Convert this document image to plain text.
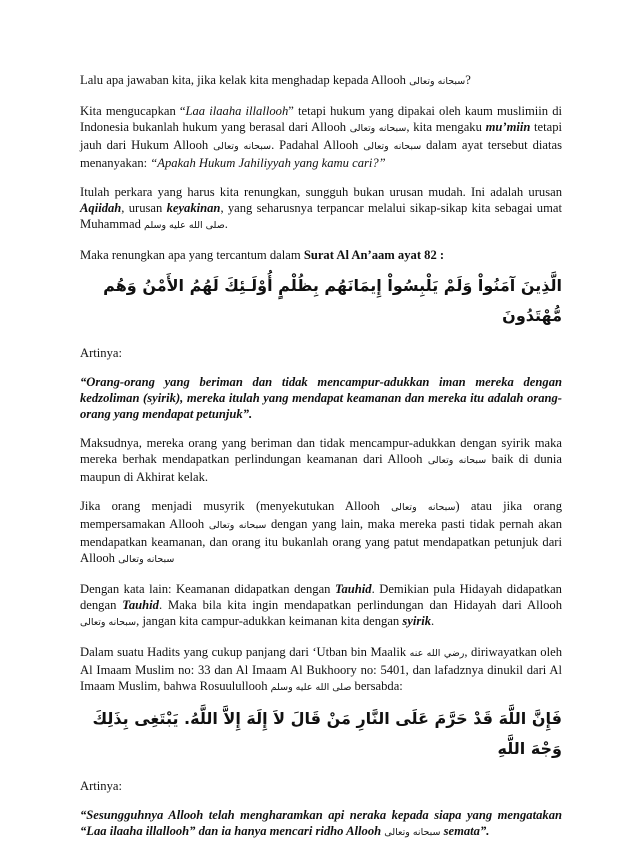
Lalu apa jawaban kita, jika kelak kita menghadap kepada Allooh سبحانه وتعالى?

Kita mengucapkan “Laa ilaaha illallooh” tetapi hukum yang dipakai oleh kaum muslimiin di Indonesia bukanlah hukum yang berasal dari Allooh سبحانه وتعالى, kita mengaku mu’miin tetapi jauh dari Hukum Allooh سبحانه وتعالى. Padahal Allooh سبحانه وتعالى dalam ayat tersebut diatas menanyakan: “Apakah Hukum Jahiliyyah yang kamu cari?”

Itulah perkara yang harus kita renungkan, sungguh bukan urusan mudah. Ini adalah urusan Aqiidah, urusan keyakinan, yang seharusnya terpancar melalui sikap-sikap kita sebagai umat Muhammad صلى الله عليه وسلم.

Maka renungkan apa yang tercantum dalam Surat Al An’aam ayat 82 :

الَّذِينَ آمَنُواْ وَلَمْ يَلْبِسُواْ إِيمَانَهُم بِظُلْمٍ أُوْلَـئِكَ لَهُمُ الأَمْنُ وَهُم مُّهْتَدُونَ

Artinya:

“Orang-orang yang beriman dan tidak mencampur-adukkan iman mereka dengan kedzoliman (syirik), mereka itulah yang mendapat keamanan dan mereka itu adalah orang-orang yang mendapat petunjuk”.

Maksudnya, mereka orang yang beriman dan tidak mencampur-adukkan dengan syirik maka mereka berhak mendapatkan perlindungan keamanan dari Allooh سبحانه وتعالى baik di dunia maupun di Akhirat kelak.

Jika orang menjadi musyrik (menyekutukan Allooh سبحانه وتعالى) atau jika orang mempersamakan Allooh سبحانه وتعالى dengan yang lain, maka mereka pasti tidak pernah akan mendapatkan keamanan, dan orang itu bukanlah orang yang patut mendapatkan petunjuk dari Allooh سبحانه وتعالى

Dengan kata lain: Keamanan didapatkan dengan Tauhid. Demikian pula Hidayah didapatkan dengan Tauhid. Maka bila kita ingin mendapatkan perlindungan dan Hidayah dari Allooh سبحانه وتعالى, jangan kita campur-adukkan keimanan kita dengan syirik.

Dalam suatu Hadits yang cukup panjang dari ‘Utban bin Maalik رضي الله عنه, diriwayatkan oleh Al Imaam Muslim no: 33 dan Al Imaam Al Bukhoory no: 5401, dan lafadznya dinukil dari Al Imaam Muslim, bahwa Rosuulullooh صلى الله عليه وسلم bersabda:

فَإِنَّ اللَّهَ قَدْ حَرَّمَ عَلَى النَّارِ مَنْ قَالَ لاَ إِلَهَ إِلاَّ اللَّهُ. يَبْتَغِى بِذَلِكَ وَجْهَ اللَّهِ

Artinya:

“Sesungguhnya Allooh telah mengharamkan api neraka kepada siapa yang mengatakan “Laa ilaaha illallooh” dan ia hanya mencari ridho Allooh سبحانه وتعالى semata”.
